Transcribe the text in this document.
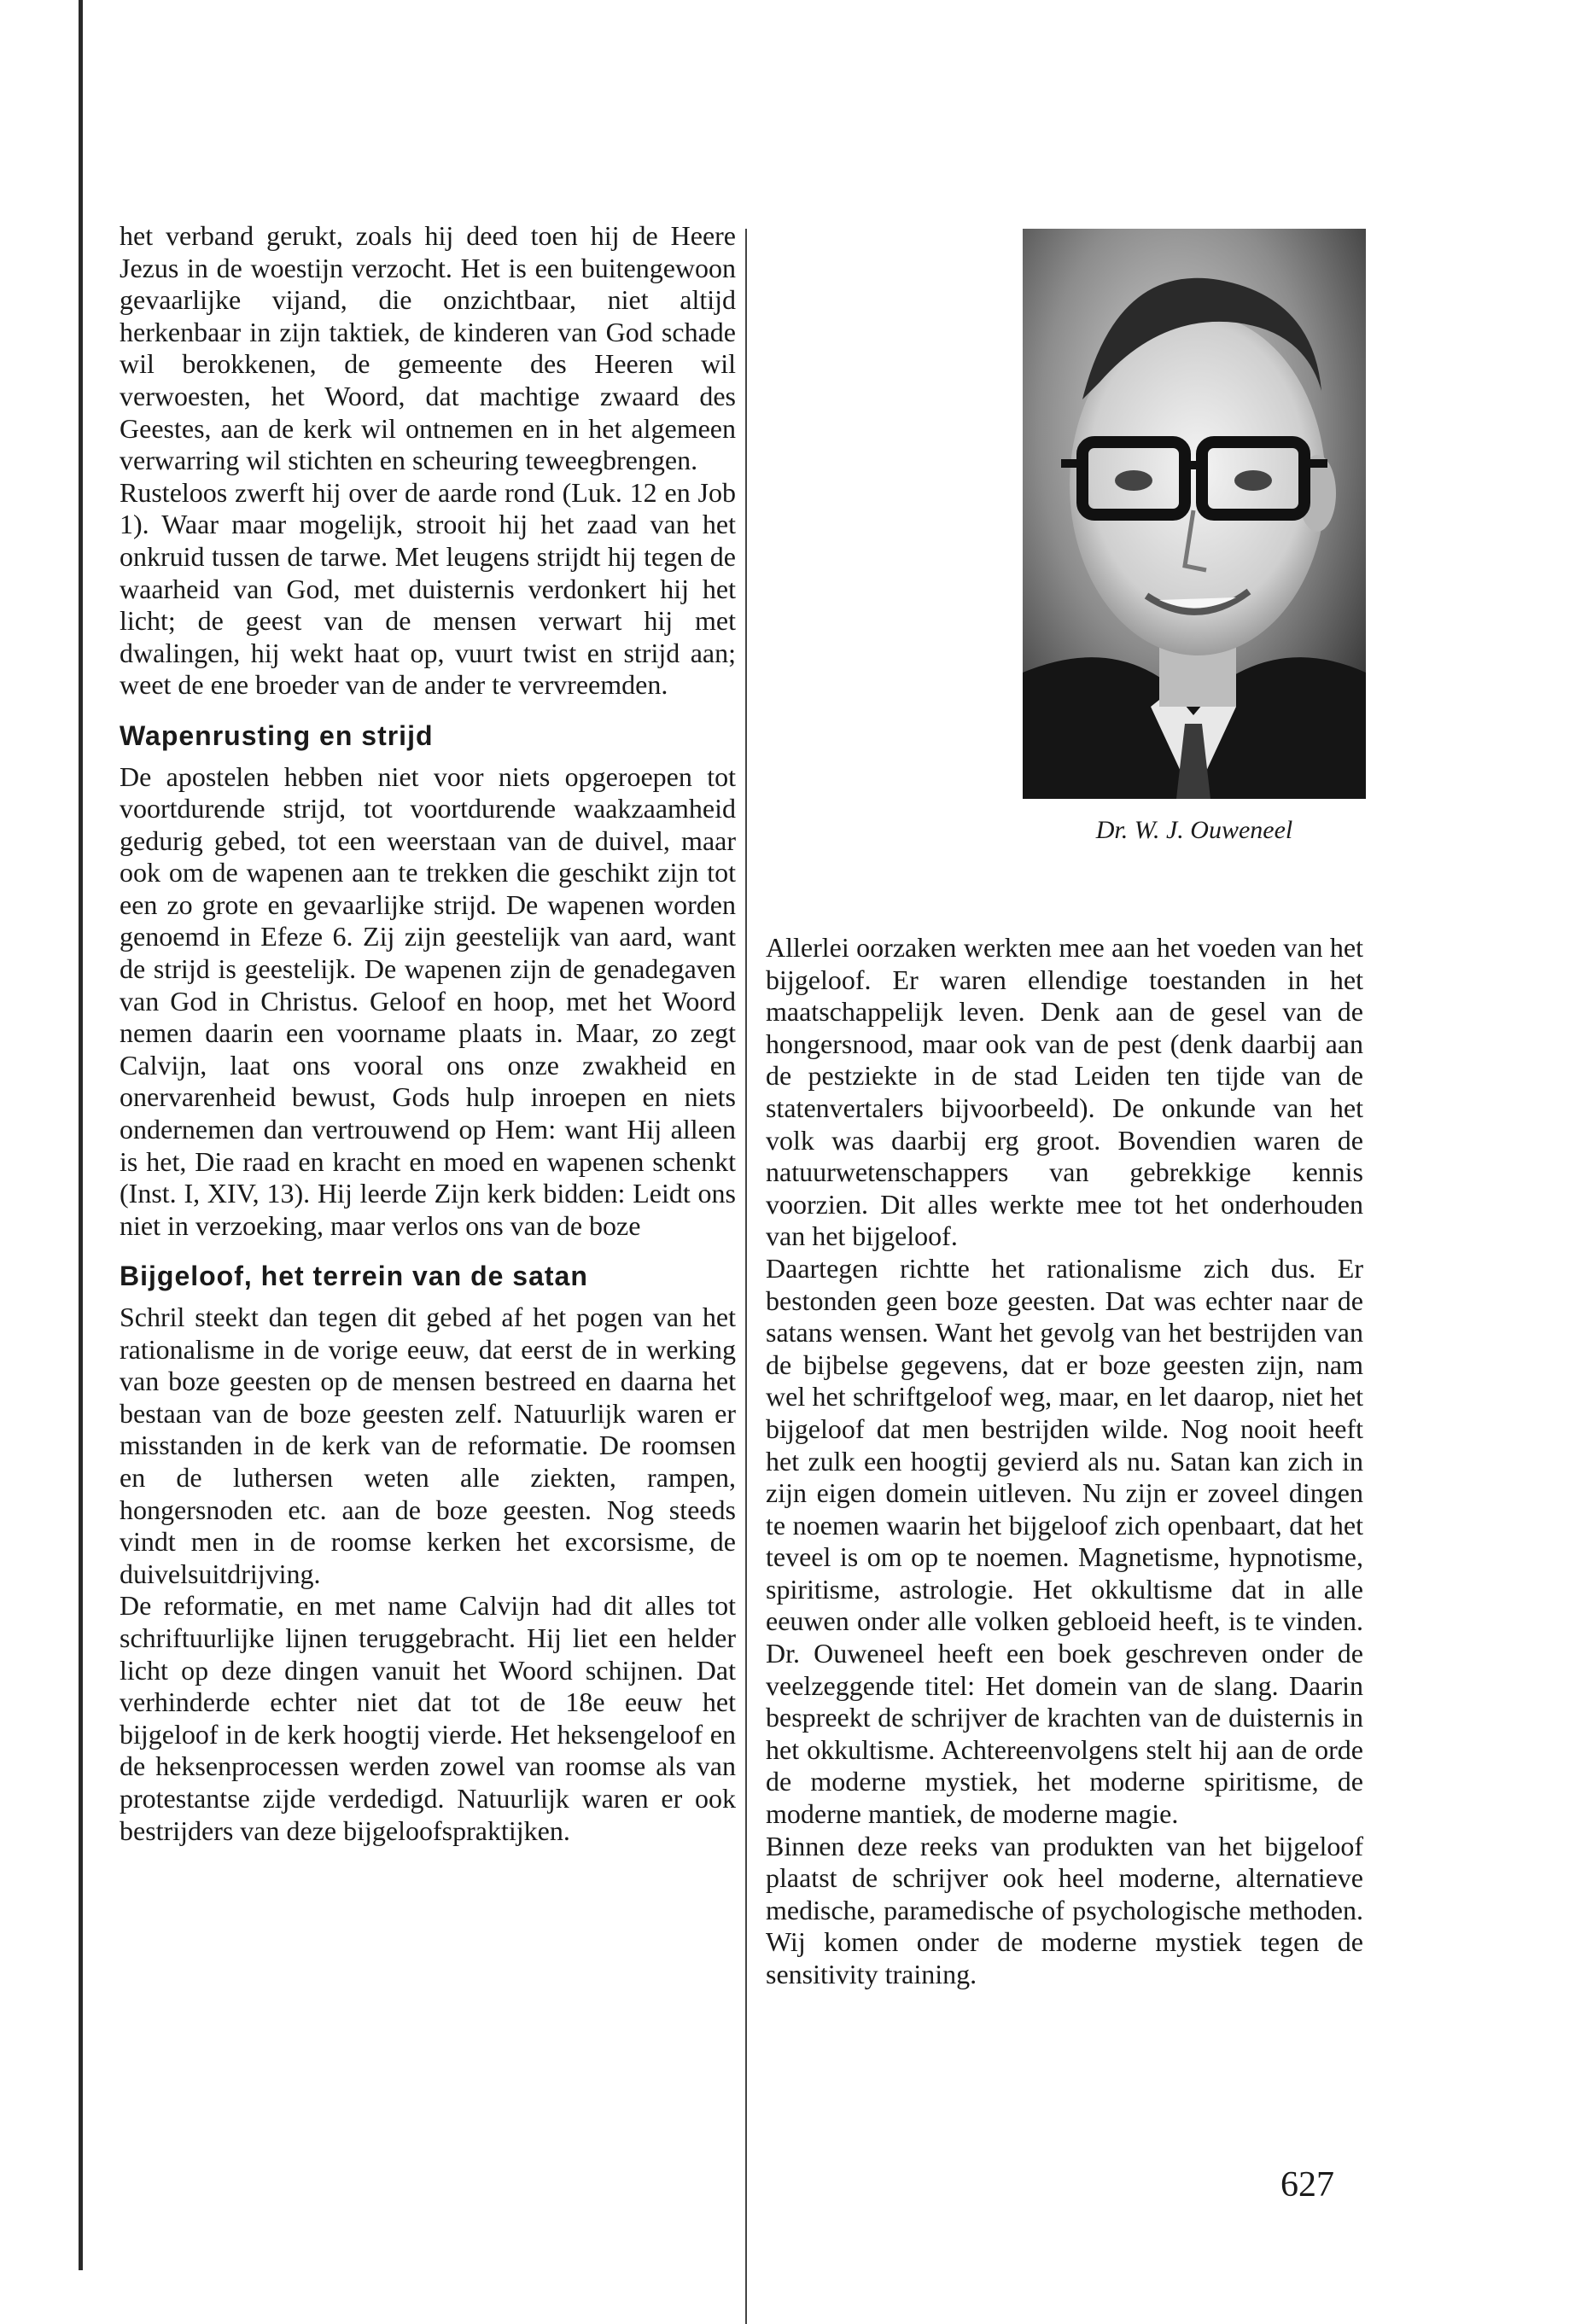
het verband gerukt, zoals hij deed toen hij de Heere Jezus in de woestijn verzocht. Het is een buitengewoon gevaarlijke vijand, die onzichtbaar, niet altijd herkenbaar in zijn taktiek, de kinderen van God schade wil berokkenen, de gemeente des Heeren wil verwoesten, het Woord, dat machtige zwaard des Geestes, aan de kerk wil ontnemen en in het algemeen verwarring wil stichten en scheuring teweegbrengen.

Rusteloos zwerft hij over de aarde rond (Luk. 12 en Job 1). Waar maar mogelijk, strooit hij het zaad van het onkruid tussen de tarwe. Met leugens strijdt hij tegen de waarheid van God, met duisternis verdonkert hij het licht; de geest van de mensen verwart hij met dwalingen, hij wekt haat op, vuurt twist en strijd aan; weet de ene broeder van de ander te vervreemden.

Wapenrusting en strijd

De apostelen hebben niet voor niets opgeroepen tot voortdurende strijd, tot voortdurende waakzaamheid gedurig gebed, tot een weerstaan van de duivel, maar ook om de wapenen aan te trekken die geschikt zijn tot een zo grote en gevaarlijke strijd. De wapenen worden genoemd in Efeze 6. Zij zijn geestelijk van aard, want de strijd is geestelijk. De wapenen zijn de genadegaven van God in Christus. Geloof en hoop, met het Woord nemen daarin een voorname plaats in. Maar, zo zegt Calvijn, laat ons vooral ons onze zwakheid en onervarenheid bewust, Gods hulp inroepen en niets ondernemen dan vertrouwend op Hem: want Hij alleen is het, Die raad en kracht en moed en wapenen schenkt (Inst. I, XIV, 13). Hij leerde Zijn kerk bidden: Leidt ons niet in verzoeking, maar verlos ons van de boze

Bijgeloof, het terrein van de satan

Schril steekt dan tegen dit gebed af het pogen van het rationalisme in de vorige eeuw, dat eerst de in werking van boze geesten op de mensen bestreed en daarna het bestaan van de boze geesten zelf. Natuurlijk waren er misstanden in de kerk van de reformatie. De roomsen en de luthersen weten alle ziekten, rampen, hongersnoden etc. aan de boze geesten. Nog steeds vindt men in de roomse kerken het excorsisme, de duivelsuitdrijving.

De reformatie, en met name Calvijn had dit alles tot schriftuurlijke lijnen teruggebracht. Hij liet een helder licht op deze dingen vanuit het Woord schijnen. Dat verhinderde echter niet dat tot de 18e eeuw het bijgeloof in de kerk hoogtij vierde. Het heksengeloof en de heksenprocessen werden zowel van roomse als van protestantse zijde verdedigd. Natuurlijk waren er ook bestrijders van deze bijgeloofspraktijken.

Dr. W. J. Ouweneel

Allerlei oorzaken werkten mee aan het voeden van het bijgeloof. Er waren ellendige toestanden in het maatschappelijk leven. Denk aan de gesel van de hongersnood, maar ook van de pest (denk daarbij aan de pestziekte in de stad Leiden ten tijde van de statenvertalers bijvoorbeeld). De onkunde van het volk was daarbij erg groot. Bovendien waren de natuurwetenschappers van gebrekkige kennis voorzien. Dit alles werkte mee tot het onderhouden van het bijgeloof.

Daartegen richtte het rationalisme zich dus. Er bestonden geen boze geesten. Dat was echter naar de satans wensen. Want het gevolg van het bestrijden van de bijbelse gegevens, dat er boze geesten zijn, nam wel het schriftgeloof weg, maar, en let daarop, niet het bijgeloof dat men bestrijden wilde. Nog nooit heeft het zulk een hoogtij gevierd als nu. Satan kan zich in zijn eigen domein uitleven. Nu zijn er zoveel dingen te noemen waarin het bijgeloof zich openbaart, dat het teveel is om op te noemen. Magnetisme, hypnotisme, spiritisme, astrologie. Het okkultisme dat in alle eeuwen onder alle volken gebloeid heeft, is te vinden. Dr. Ouweneel heeft een boek geschreven onder de veelzeggende titel: Het domein van de slang. Daarin bespreekt de schrijver de krachten van de duisternis in het okkultisme. Achtereenvolgens stelt hij aan de orde de moderne mystiek, het moderne spiritisme, de moderne mantiek, de moderne magie.

Binnen deze reeks van produkten van het bijgeloof plaatst de schrijver ook heel moderne, alternatieve medische, paramedische of psychologische methoden. Wij komen onder de moderne mystiek tegen de sensitivity training.

627
